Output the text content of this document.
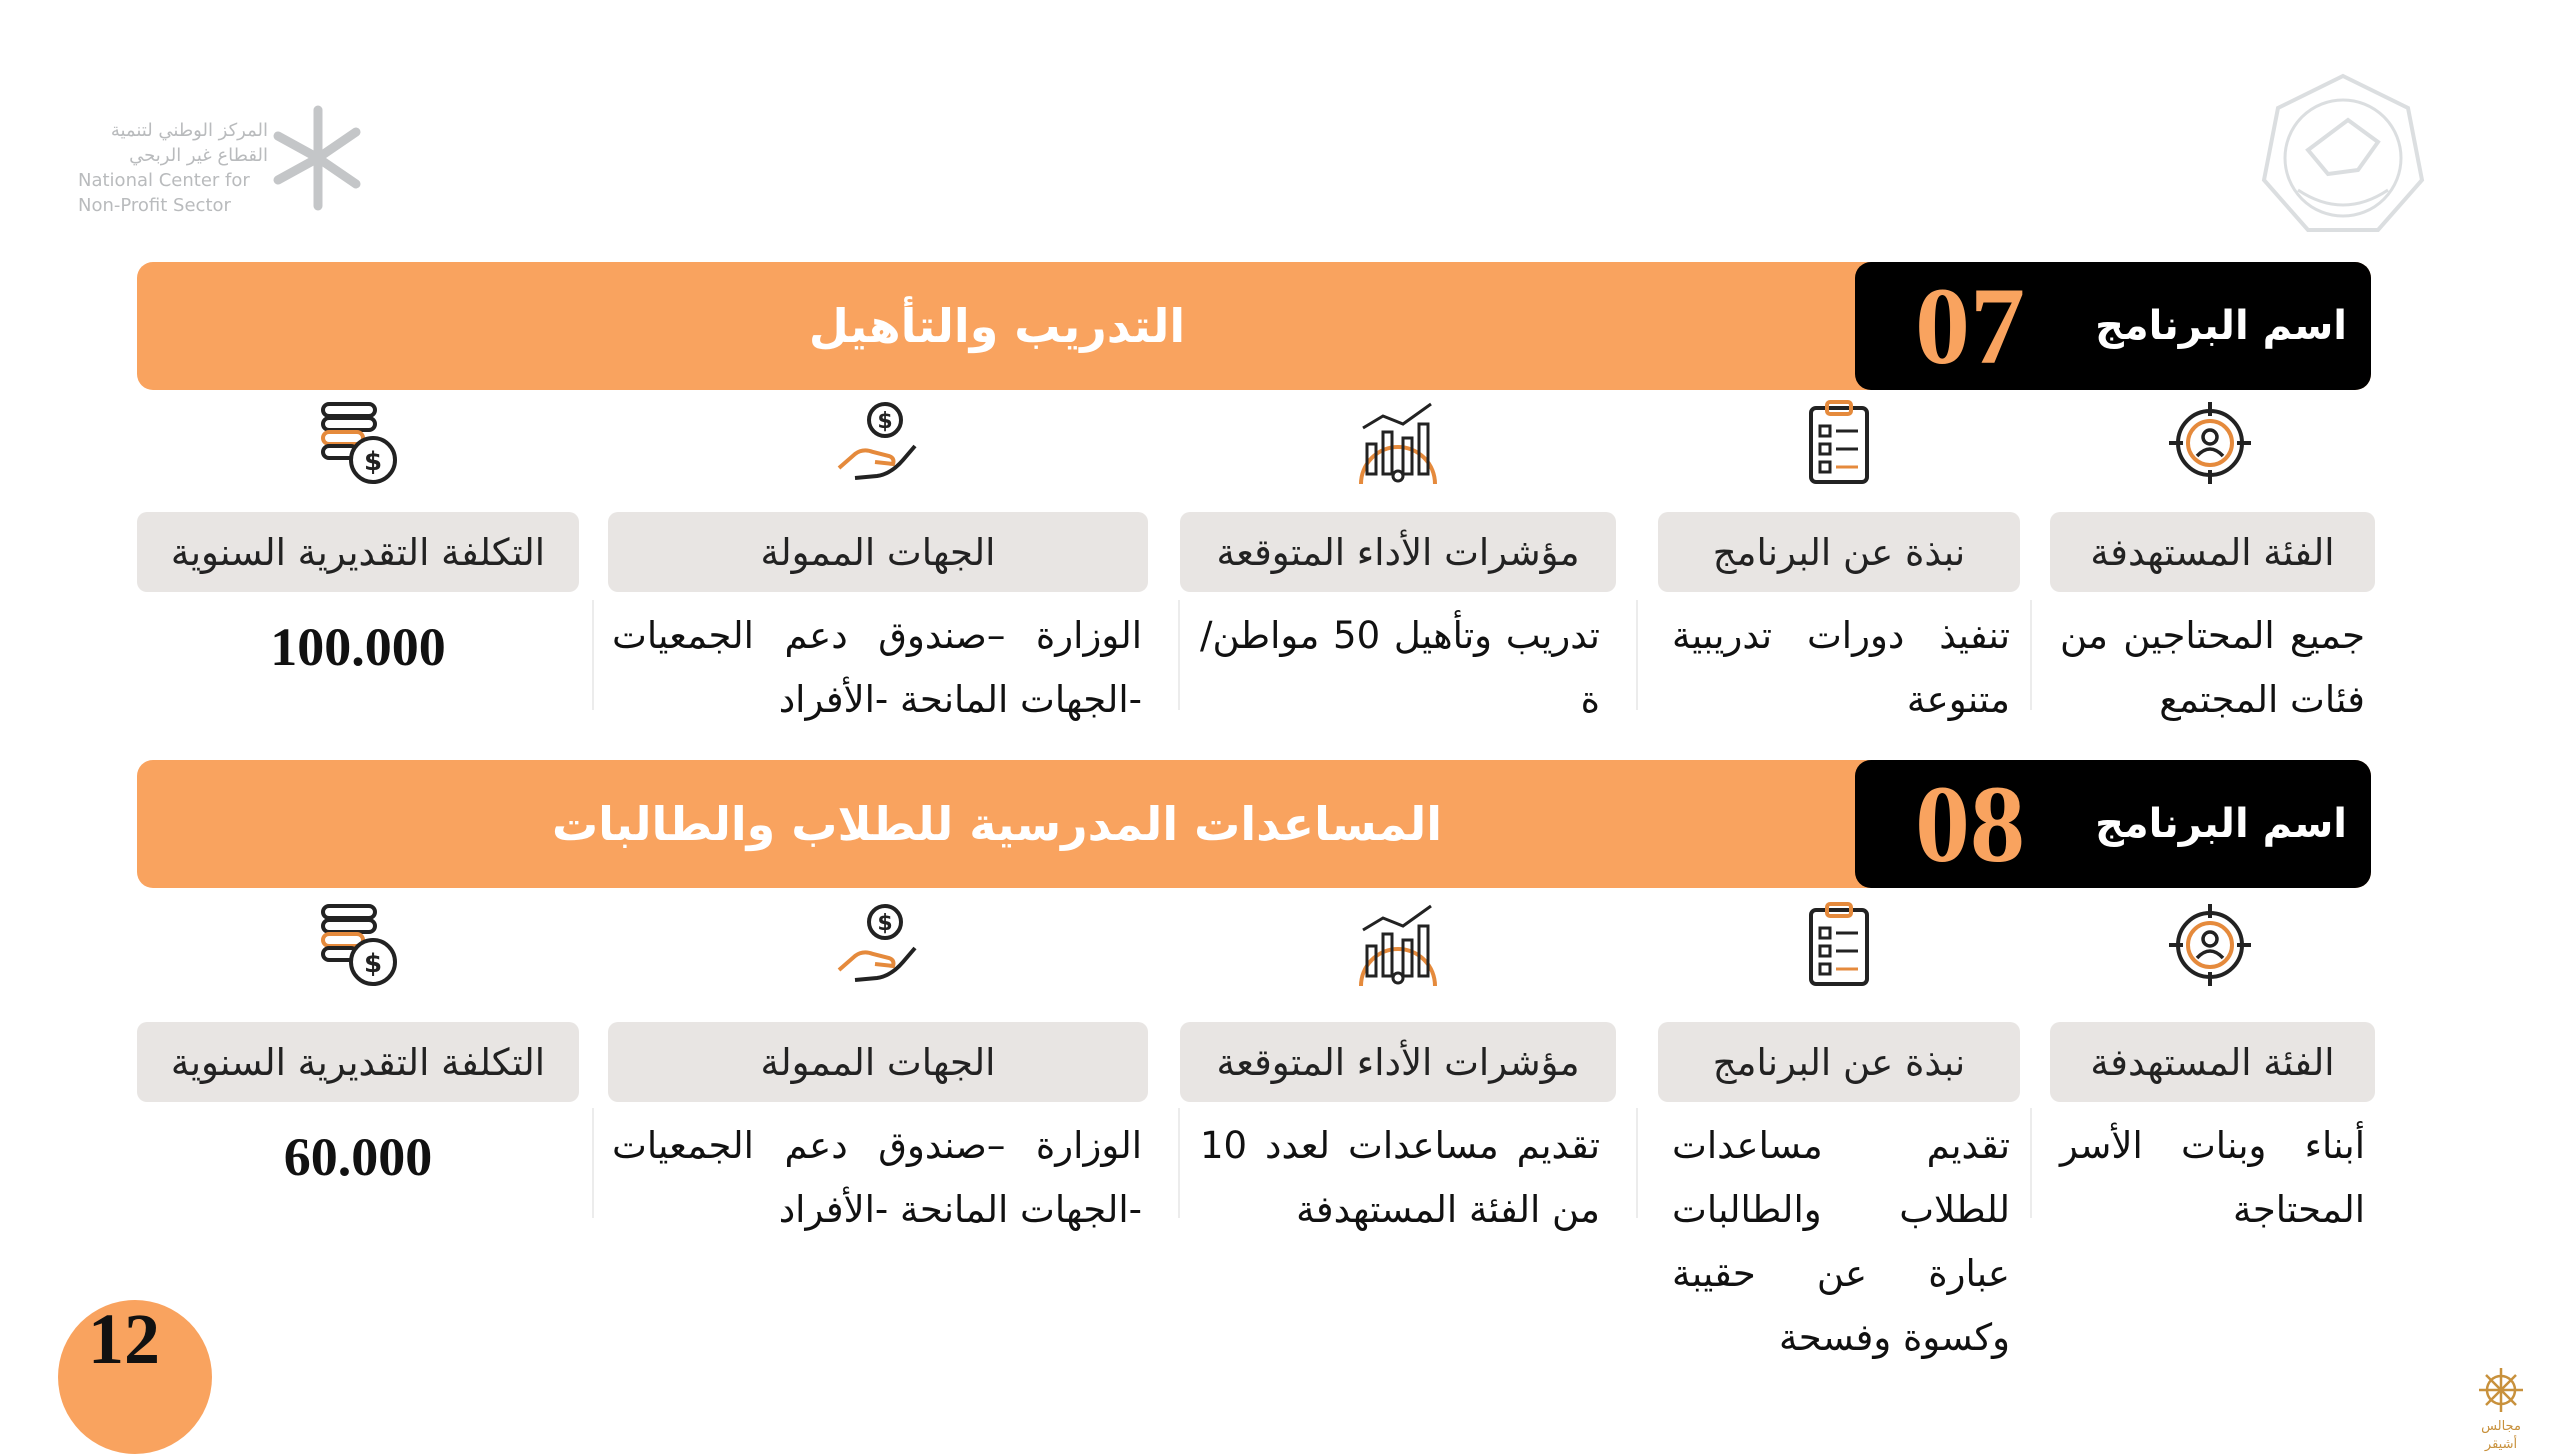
المركز الوطني لتنمية
القطاع غير الربحي
National Center for
Non-Profit Sector
التدريب والتأهيل	اسم البرنامج
07
الفئة المستهدفة
جميع المحتاجين من فئات المجتمع
نبذة عن البرنامج
تنفيذ دورات تدريبية متنوعة
مؤشرات الأداء المتوقعة
تدريب وتأهيل 50 مواطن/ة
$
الجهات الممولة
الوزارة –صندوق دعم الجمعيات -الجهات المانحة -الأفراد
$
التكلفة التقديرية السنوية
100.000
المساعدات المدرسية للطلاب والطالبات	اسم البرنامج
08
الفئة المستهدفة
أبناء وبنات الأسر المحتاجة
نبذة عن البرنامج
تقديم مساعدات للطلاب والطالبات عبارة عن حقيبة وكسوة وفسحة
مؤشرات الأداء المتوقعة
تقديم مساعدات لعدد 10 من الفئة المستهدفة
$
الجهات الممولة
الوزارة –صندوق دعم الجمعيات -الجهات المانحة -الأفراد
$
التكلفة التقديرية السنوية
60.000
12
مجالس أشيقر
